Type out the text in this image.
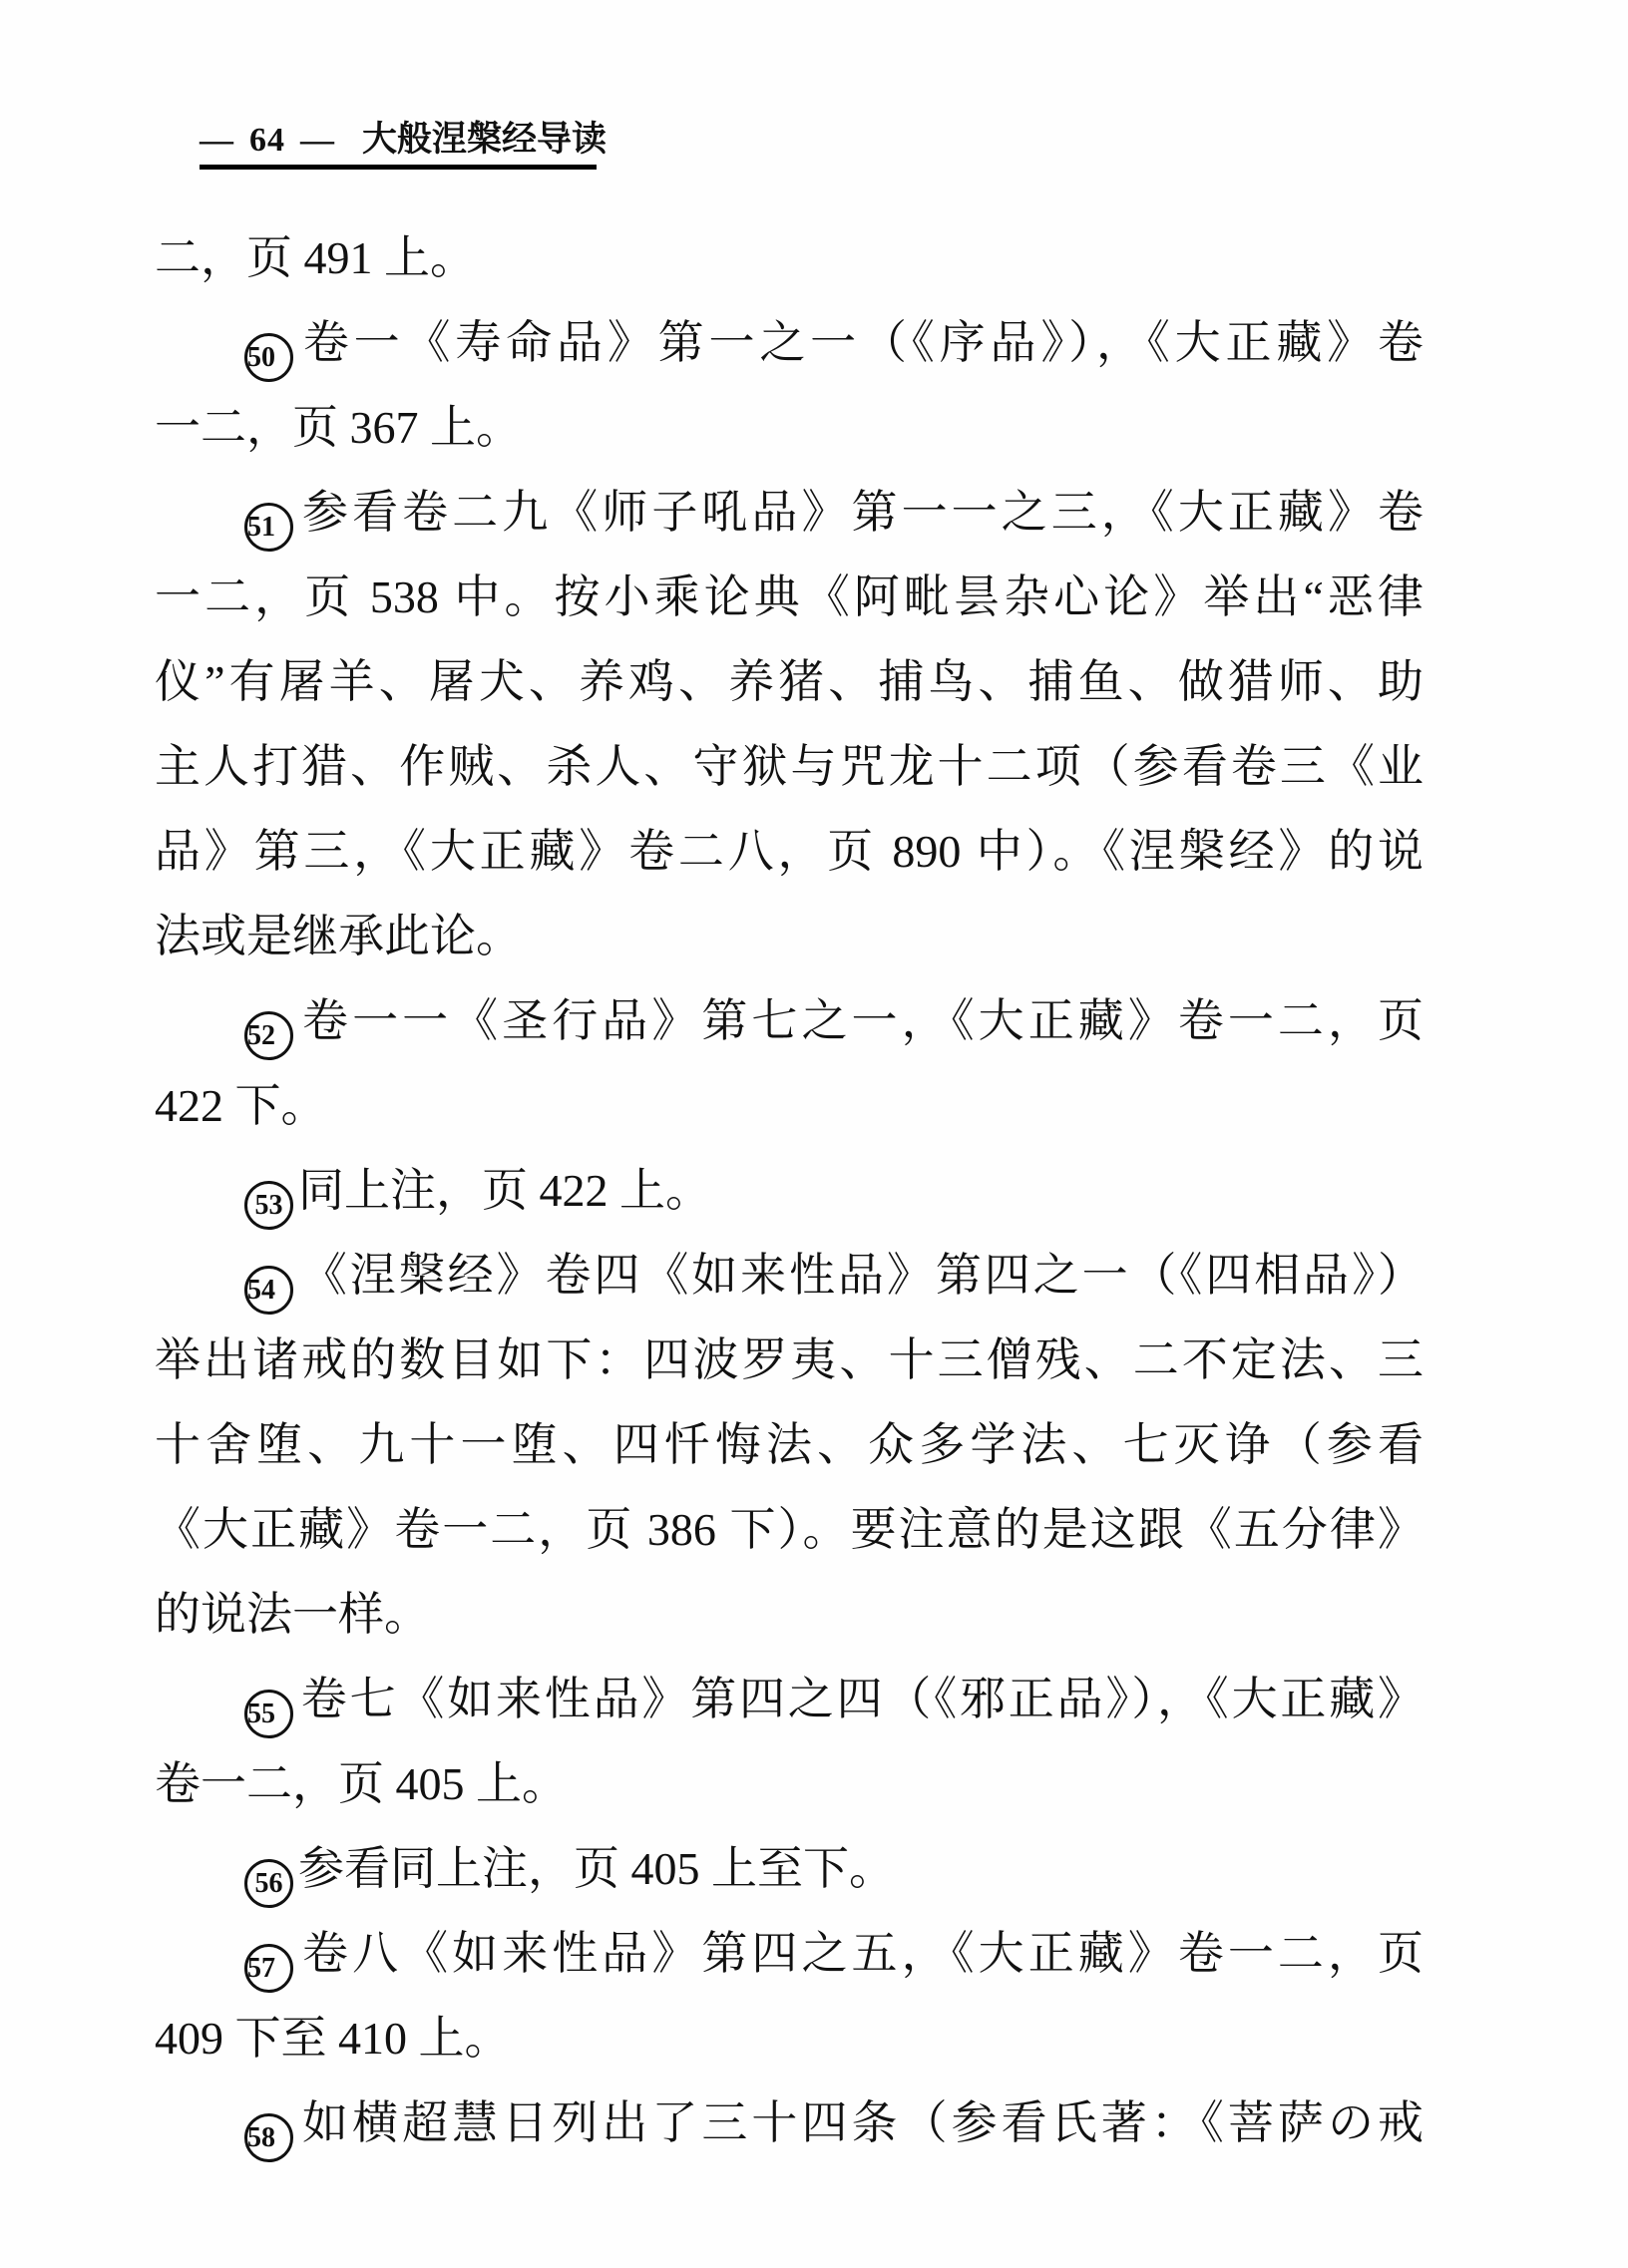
— 64 — 大般涅槃经导读
二，页 491 上。
50 卷一《寿命品》第一之一（《序品》），《大正藏》卷
一二，页 367 上。
51 参看卷二九《师子吼品》第一一之三，《大正藏》卷
一二，页 538 中。按小乘论典《阿毗昙杂心论》举出“恶律
仪”有屠羊、屠犬、养鸡、养猪、捕鸟、捕鱼、做猎师、助
主人打猎、作贼、杀人、守狱与咒龙十二项（参看卷三《业
品》第三，《大正藏》卷二八，页 890 中）。《涅槃经》的说
法或是继承此论。
52 卷一一《圣行品》第七之一，《大正藏》卷一二，页
422 下。
53 同上注，页 422 上。
54 《涅槃经》卷四《如来性品》第四之一（《四相品》）
举出诸戒的数目如下：四波罗夷、十三僧残、二不定法、三
十舍堕、九十一堕、四忏悔法、众多学法、七灭诤（参看
《大正藏》卷一二，页 386 下）。要注意的是这跟《五分律》
的说法一样。
55 卷七《如来性品》第四之四（《邪正品》），《大正藏》
卷一二，页 405 上。
56 参看同上注，页 405 上至下。
57 卷八《如来性品》第四之五，《大正藏》卷一二，页
409 下至 410 上。
58 如横超慧日列出了三十四条（参看氏著：《菩萨の戒
